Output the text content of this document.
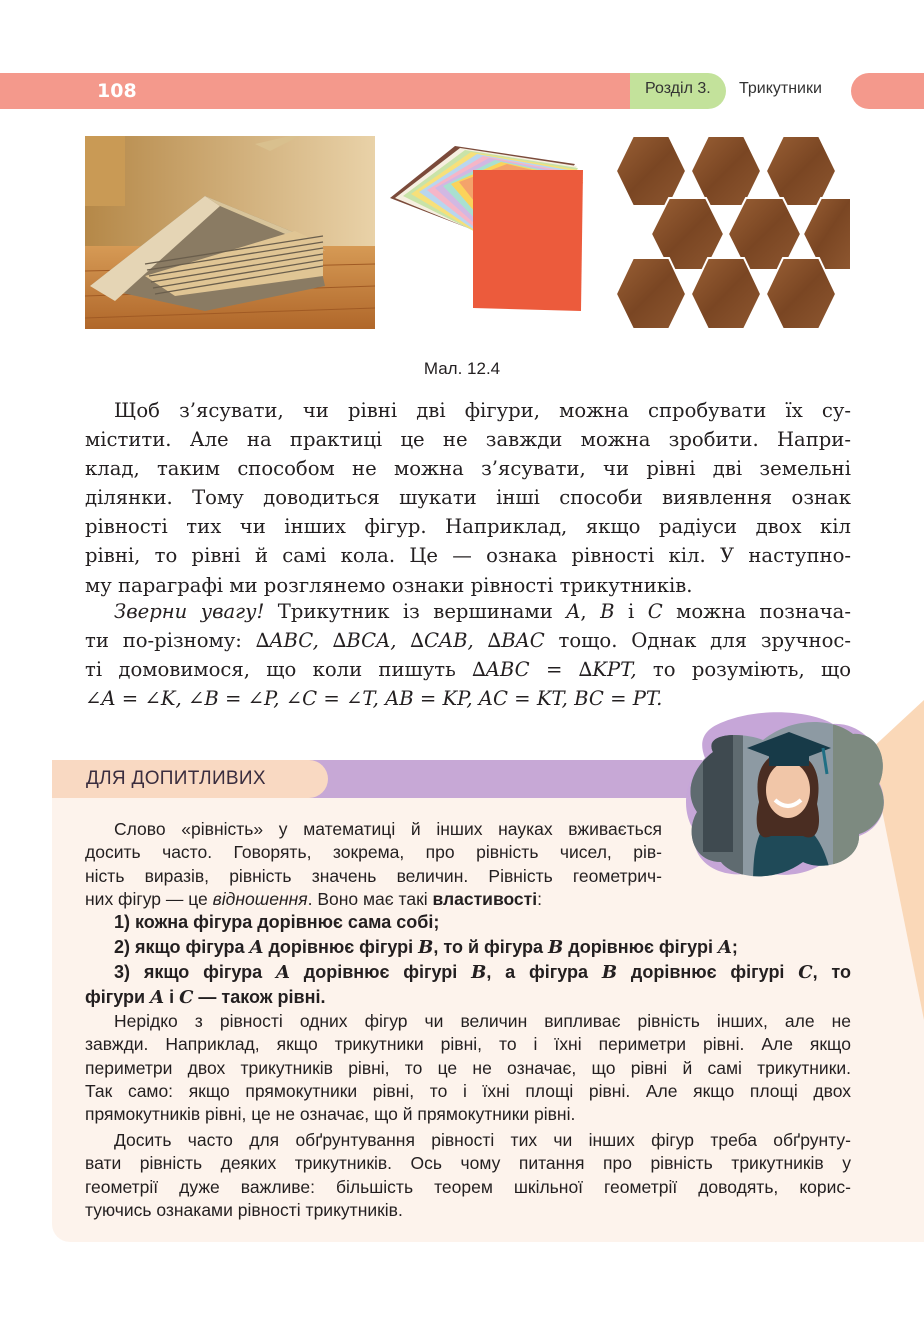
108	Розділ 3. Трикутники
Мал. 12.4
Щоб з’ясувати, чи рівні дві фігури, можна спробувати їх су-
містити. Але на практиці це не завжди можна зробити. Напри-
клад, таким способом не можна з’ясувати, чи рівні дві земельні
ділянки. Тому доводиться шукати інші способи виявлення ознак
рівності тих чи інших фігур. Наприклад, якщо радіуси двох кіл
рівні, то рівні й самі кола. Це — ознака рівності кіл. У наступно-
му параграфі ми розглянемо ознаки рівності трикутників.
Зверни увагу! Трикутник із вершинами A, B і C можна познача-
ти по-різному: ∆ABC, ∆BCA, ∆CAB, ∆BAC тощо. Однак для зручнос-
ті домовимося, що коли пишуть ∆ABC = ∆KPT, то розуміють, що
∠A = ∠K, ∠B = ∠P, ∠C = ∠T, AB = KP, AC = KT, BC = PT.
ДЛЯ ДОПИТЛИВИХ
Слово «рівність» у математиці й інших науках вживається
досить часто. Говорять, зокрема, про рівність чисел, рів-
ність виразів, рівність значень величин. Рівність геометрич-
них фігур — це відношення. Воно має такі властивості:
1) кожна фігура дорівнює сама собі;
2) якщо фігура A дорівнює фігурі B, то й фігура B дорівнює фігурі A;
3) якщо фігура A дорівнює фігурі B, а фігура B дорівнює фігурі C, то
фігури A і C — також рівні.
Нерідко з рівності одних фігур чи величин випливає рівність інших, але не
завжди. Наприклад, якщо трикутники рівні, то і їхні периметри рівні. Але якщо
периметри двох трикутників рівні, то це не означає, що рівні й самі трикутники.
Так само: якщо прямокутники рівні, то і їхні площі рівні. Але якщо площі двох
прямокутників рівні, це не означає, що й прямокутники рівні.
Досить часто для обґрунтування рівності тих чи інших фігур треба обґрунту-
вати рівність деяких трикутників. Ось чому питання про рівність трикутників у
геометрії дуже важливе: більшість теорем шкільної геометрії доводять, корис-
туючись ознаками рівності трикутників.
